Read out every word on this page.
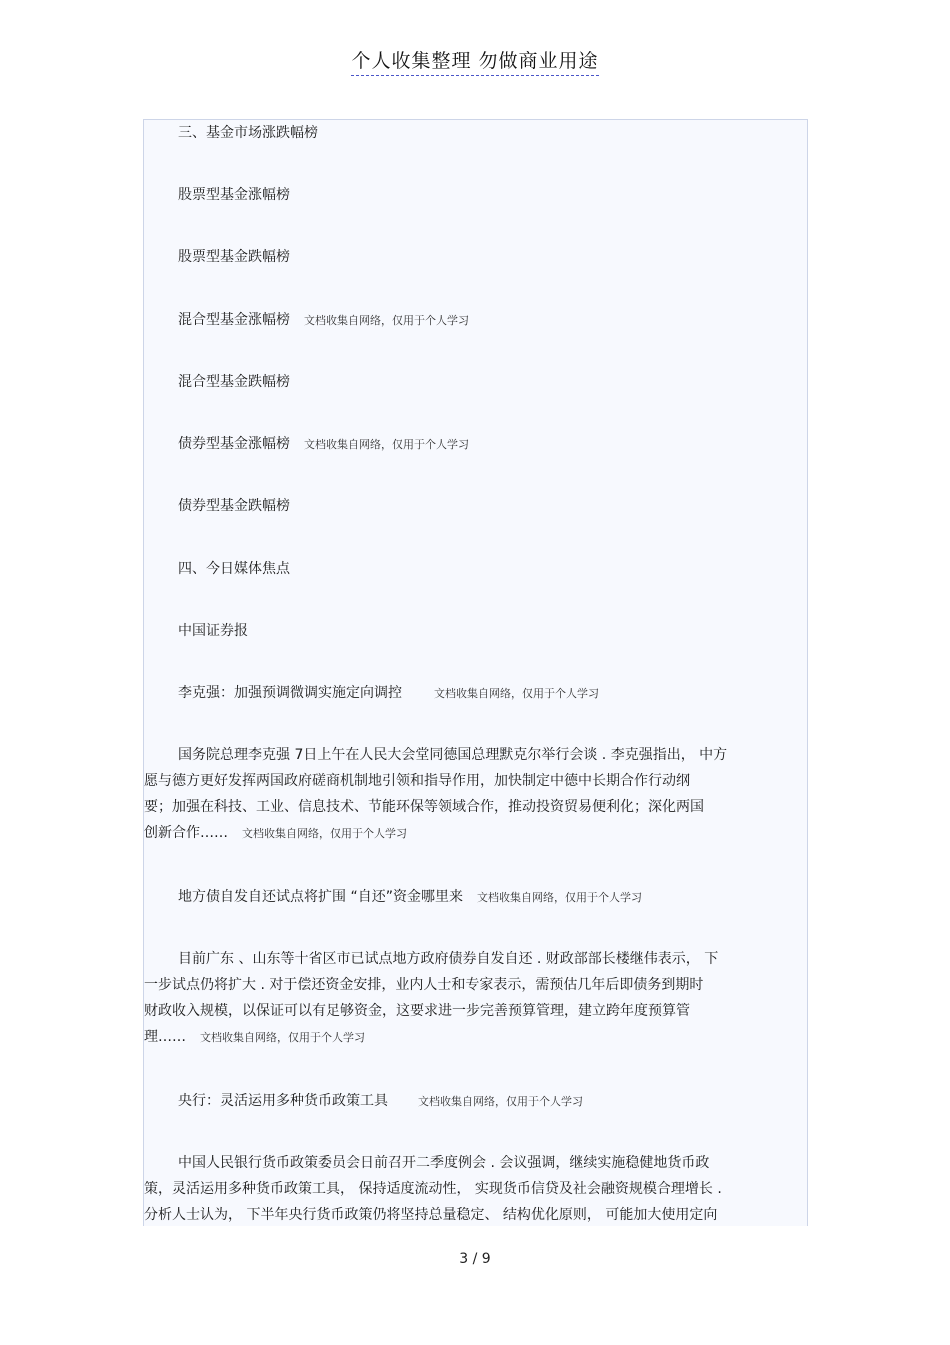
个人收集整理 勿做商业用途
三、基金市场涨跌幅榜
股票型基金涨幅榜
股票型基金跌幅榜
混合型基金涨幅榜 文档收集自网络，仅用于个人学习
混合型基金跌幅榜
债券型基金涨幅榜 文档收集自网络，仅用于个人学习
债券型基金跌幅榜
四、今日媒体焦点
中国证券报
李克强：加强预调微调实施定向调控	文档收集自网络，仅用于个人学习
国务院总理李克强 7日上午在人民大会堂同德国总理默克尔举行会谈 . 李克强指出， 中方
愿与德方更好发挥两国政府磋商机制地引领和指导作用，加快制定中德中长期合作行动纲
要；加强在科技、工业、信息技术、节能环保等领域合作，推动投资贸易便利化；深化两国
创新合作…… 文档收集自网络，仅用于个人学习
地方债自发自还试点将扩围 “自还”资金哪里来 文档收集自网络，仅用于个人学习
目前广东 、山东等十省区市已试点地方政府债券自发自还 . 财政部部长楼继伟表示， 下
一步试点仍将扩大 . 对于偿还资金安排，业内人士和专家表示，需预估几年后即债务到期时
财政收入规模，以保证可以有足够资金，这要求进一步完善预算管理，建立跨年度预算管
理…… 文档收集自网络，仅用于个人学习
央行：灵活运用多种货币政策工具	文档收集自网络，仅用于个人学习
中国人民银行货币政策委员会日前召开二季度例会 . 会议强调，继续实施稳健地货币政
策，灵活运用多种货币政策工具， 保持适度流动性， 实现货币信贷及社会融资规模合理增长 .
分析人士认为， 下半年央行货币政策仍将坚持总量稳定、 结构优化原则， 可能加大使用定向
3 / 9
